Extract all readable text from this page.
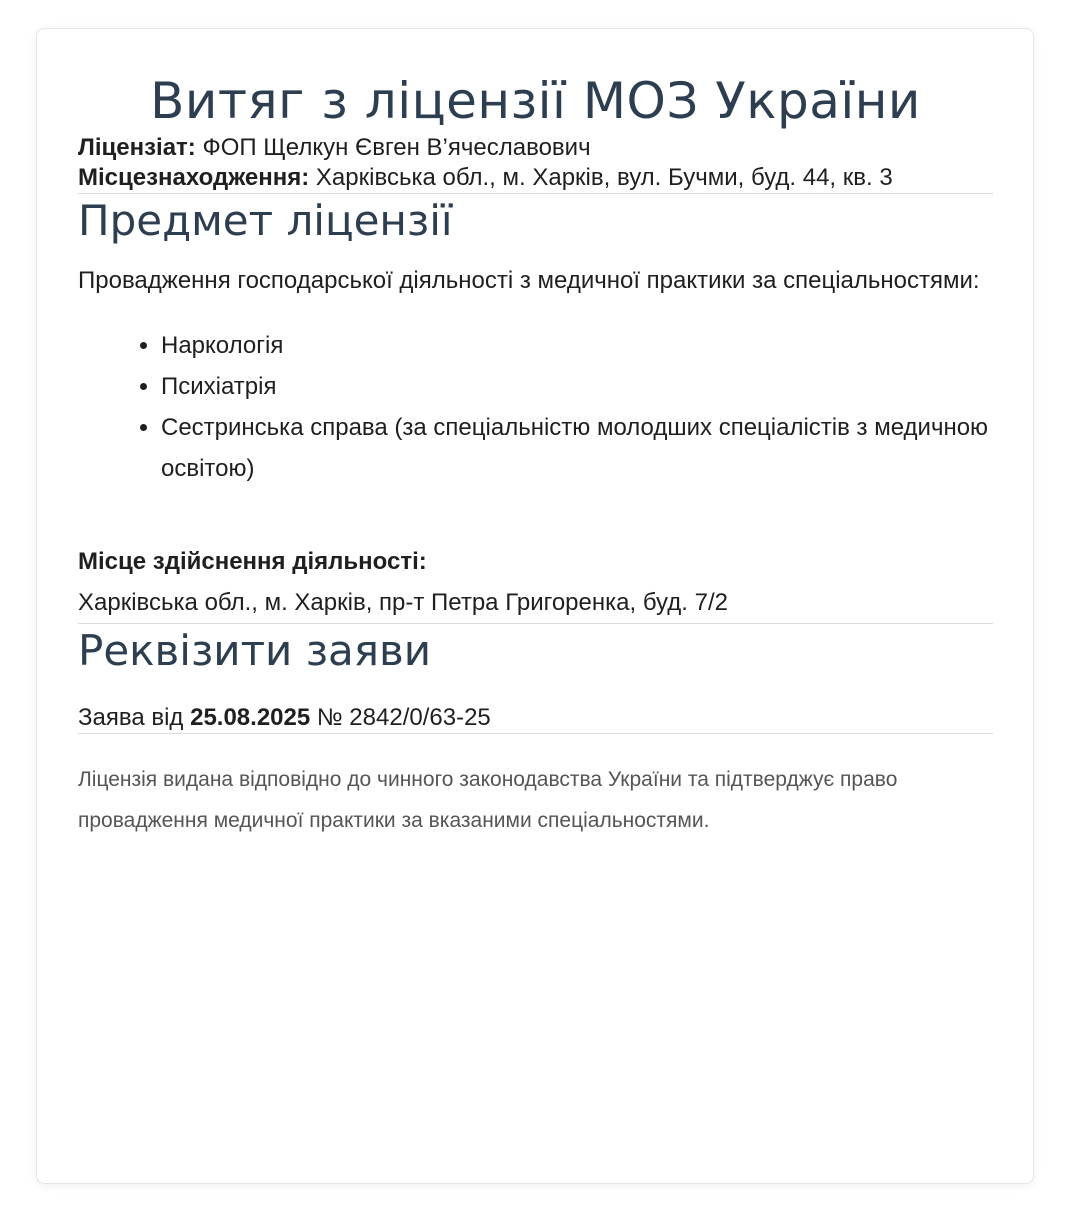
Витяг з ліцензії МОЗ України

Ліцензіат: ФОП Щелкун Євген В’ячеславович

Місцезнаходження: Харківська обл., м. Харків, вул. Бучми, буд. 44, кв. 3

Предмет ліцензії

Провадження господарської діяльності з медичної практики за спеціальностями:

• Наркологія
• Психіатрія
• Сестринська справа (за спеціальністю молодших спеціалістів з медичною освітою)

Місце здійснення діяльності:

Харківська обл., м. Харків, пр-т Петра Григоренка, буд. 7/2

Реквізити заяви

Заява від 25.08.2025 № 2842/0/63-25

Ліцензія видана відповідно до чинного законодавства України та підтверджує право провадження медичної практики за вказаними спеціальностями.
